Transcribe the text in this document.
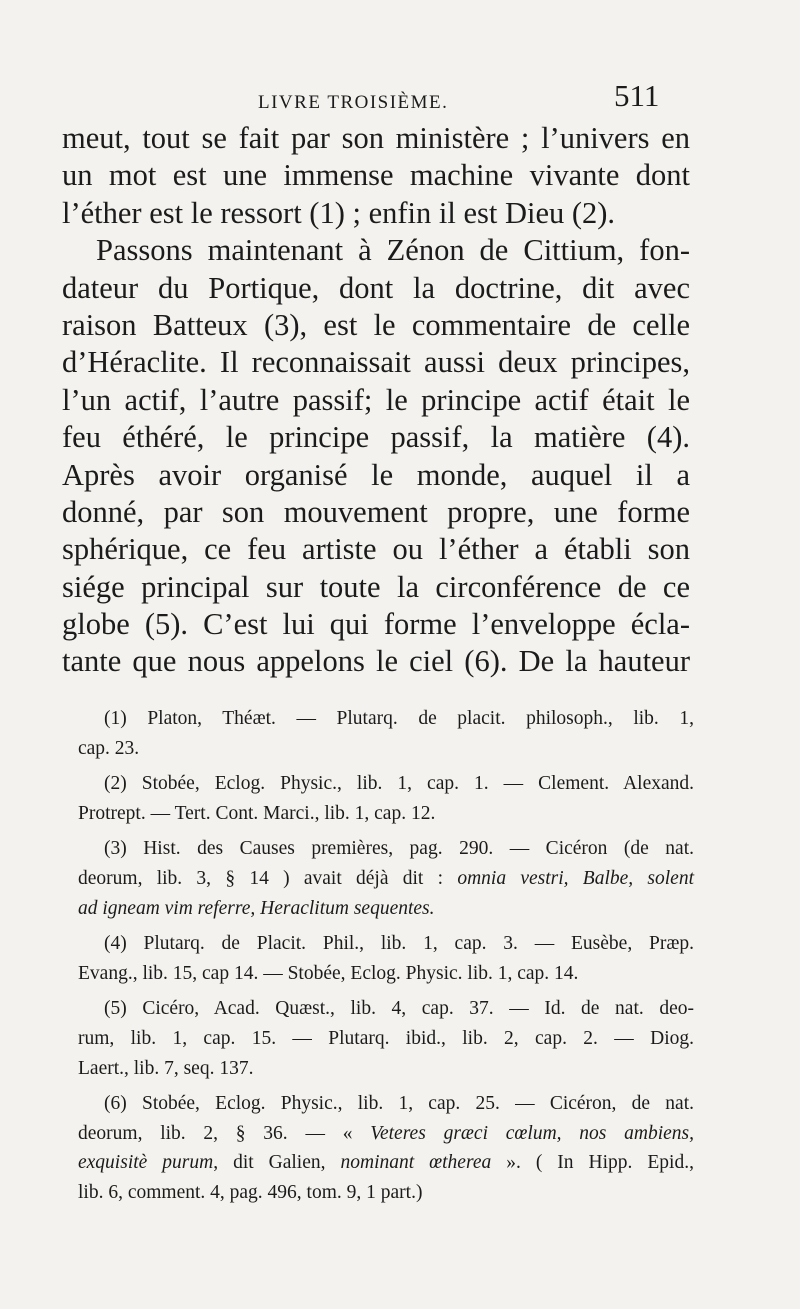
LIVRE TROISIÈME.	511
meut, tout se fait par son ministère ; l’univers en
un mot est une immense machine vivante dont
l’éther est le ressort (1) ; enfin il est Dieu (2).
Passons maintenant à Zénon de Cittium, fon-
dateur du Portique, dont la doctrine, dit avec
raison Batteux (3), est le commentaire de celle
d’Héraclite. Il reconnaissait aussi deux principes,
l’un actif, l’autre passif; le principe actif était le
feu éthéré, le principe passif, la matière (4).
Après avoir organisé le monde, auquel il a
donné, par son mouvement propre, une forme
sphérique, ce feu artiste ou l’éther a établi son
siége principal sur toute la circonférence de ce
globe (5). C’est lui qui forme l’enveloppe écla-
tante que nous appelons le ciel (6). De la hauteur
(1) Platon, Théæt. — Plutarq. de placit. philosoph., lib. 1,
cap. 23.
(2) Stobée, Eclog. Physic., lib. 1, cap. 1. — Clement. Alexand.
Protrept. — Tert. Cont. Marci., lib. 1, cap. 12.
(3) Hist. des Causes premières, pag. 290. — Cicéron (de nat.
deorum, lib. 3, § 14 ) avait déjà dit : omnia vestri, Balbe, solent
ad igneam vim referre, Heraclitum sequentes.
(4) Plutarq. de Placit. Phil., lib. 1, cap. 3. — Eusèbe, Præp.
Evang., lib. 15, cap 14. — Stobée, Eclog. Physic. lib. 1, cap. 14.
(5) Cicéro, Acad. Quæst., lib. 4, cap. 37. — Id. de nat. deo-
rum, lib. 1, cap. 15. — Plutarq. ibid., lib. 2, cap. 2. — Diog.
Laert., lib. 7, seq. 137.
(6) Stobée, Eclog. Physic., lib. 1, cap. 25. — Cicéron, de nat.
deorum, lib. 2, § 36. — « Veteres græci cœlum, nos ambiens,
exquisitè purum, dit Galien, nominant œtherea ». ( In Hipp. Epid.,
lib. 6, comment. 4, pag. 496, tom. 9, 1 part.)
